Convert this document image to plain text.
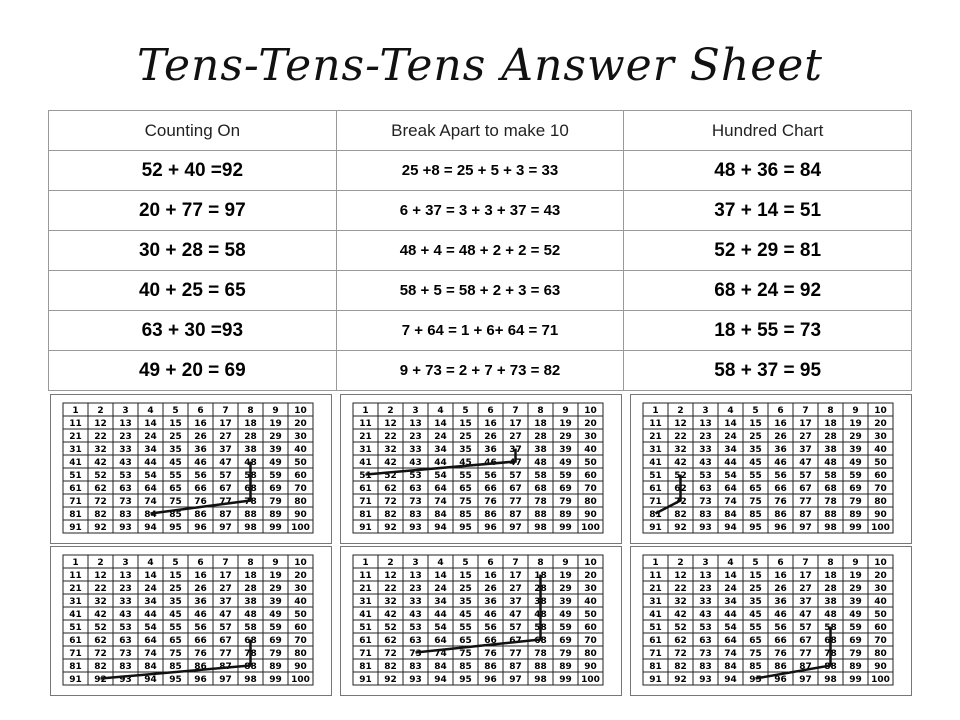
Tens-Tens-Tens Answer Sheet
Counting On	Break Apart to make 10	Hundred Chart
52 + 40 =92	25 +8 = 25 + 5 + 3 = 33	48 + 36 = 84
20 + 77 = 97	6 + 37 = 3 + 3 + 37 = 43	37 + 14 = 51
30 + 28 = 58	48 + 4 = 48 + 2 + 2 = 52	52 + 29 = 81
40 + 25 = 65	58 + 5 = 58 + 2 + 3 = 63	68 + 24 = 92
63 + 30 =93	7 + 64 = 1 + 6+ 64 = 71	18 + 55 = 73
49 + 20 = 69	9 + 73 = 2 + 7 + 73 = 82	58 + 37 = 95
1 2 3 4 5 6 7 8 9 10
11 12 13 14 15 16 17 18 19 20
21 22 23 24 25 26 27 28 29 30
31 32 33 34 35 36 37 38 39 40
41 42 43 44 45 46 47 48 49 50
51 52 53 54 55 56 57 58 59 60
61 62 63 64 65 66 67 68 69 70
71 72 73 74 75 76 77 78 79 80
81 82 83 84 85 86 87 88 89 90
91 92 93 94 95 96 97 98 99 100
1 2 3 4 5 6 7 8 9 10
11 12 13 14 15 16 17 18 19 20
21 22 23 24 25 26 27 28 29 30
31 32 33 34 35 36 37 38 39 40
41 42 43 44 45 46 47 48 49 50
51 52 53 54 55 56 57 58 59 60
61 62 63 64 65 66 67 68 69 70
71 72 73 74 75 76 77 78 79 80
81 82 83 84 85 86 87 88 89 90
91 92 93 94 95 96 97 98 99 100
1 2 3 4 5 6 7 8 9 10
11 12 13 14 15 16 17 18 19 20
21 22 23 24 25 26 27 28 29 30
31 32 33 34 35 36 37 38 39 40
41 42 43 44 45 46 47 48 49 50
51 52 53 54 55 56 57 58 59 60
61 62 63 64 65 66 67 68 69 70
71 72 73 74 75 76 77 78 79 80
81 82 83 84 85 86 87 88 89 90
91 92 93 94 95 96 97 98 99 100
1 2 3 4 5 6 7 8 9 10
11 12 13 14 15 16 17 18 19 20
21 22 23 24 25 26 27 28 29 30
31 32 33 34 35 36 37 38 39 40
41 42 43 44 45 46 47 48 49 50
51 52 53 54 55 56 57 58 59 60
61 62 63 64 65 66 67 68 69 70
71 72 73 74 75 76 77 78 79 80
81 82 83 84 85 86 87 88 89 90
91 92 93 94 95 96 97 98 99 100
1 2 3 4 5 6 7 8 9 10
11 12 13 14 15 16 17 18 19 20
21 22 23 24 25 26 27 28 29 30
31 32 33 34 35 36 37 38 39 40
41 42 43 44 45 46 47 48 49 50
51 52 53 54 55 56 57 58 59 60
61 62 63 64 65 66 67 68 69 70
71 72 73 74 75 76 77 78 79 80
81 82 83 84 85 86 87 88 89 90
91 92 93 94 95 96 97 98 99 100
1 2 3 4 5 6 7 8 9 10
11 12 13 14 15 16 17 18 19 20
21 22 23 24 25 26 27 28 29 30
31 32 33 34 35 36 37 38 39 40
41 42 43 44 45 46 47 48 49 50
51 52 53 54 55 56 57 58 59 60
61 62 63 64 65 66 67 68 69 70
71 72 73 74 75 76 77 78 79 80
81 82 83 84 85 86 87 88 89 90
91 92 93 94 95 96 97 98 99 100
